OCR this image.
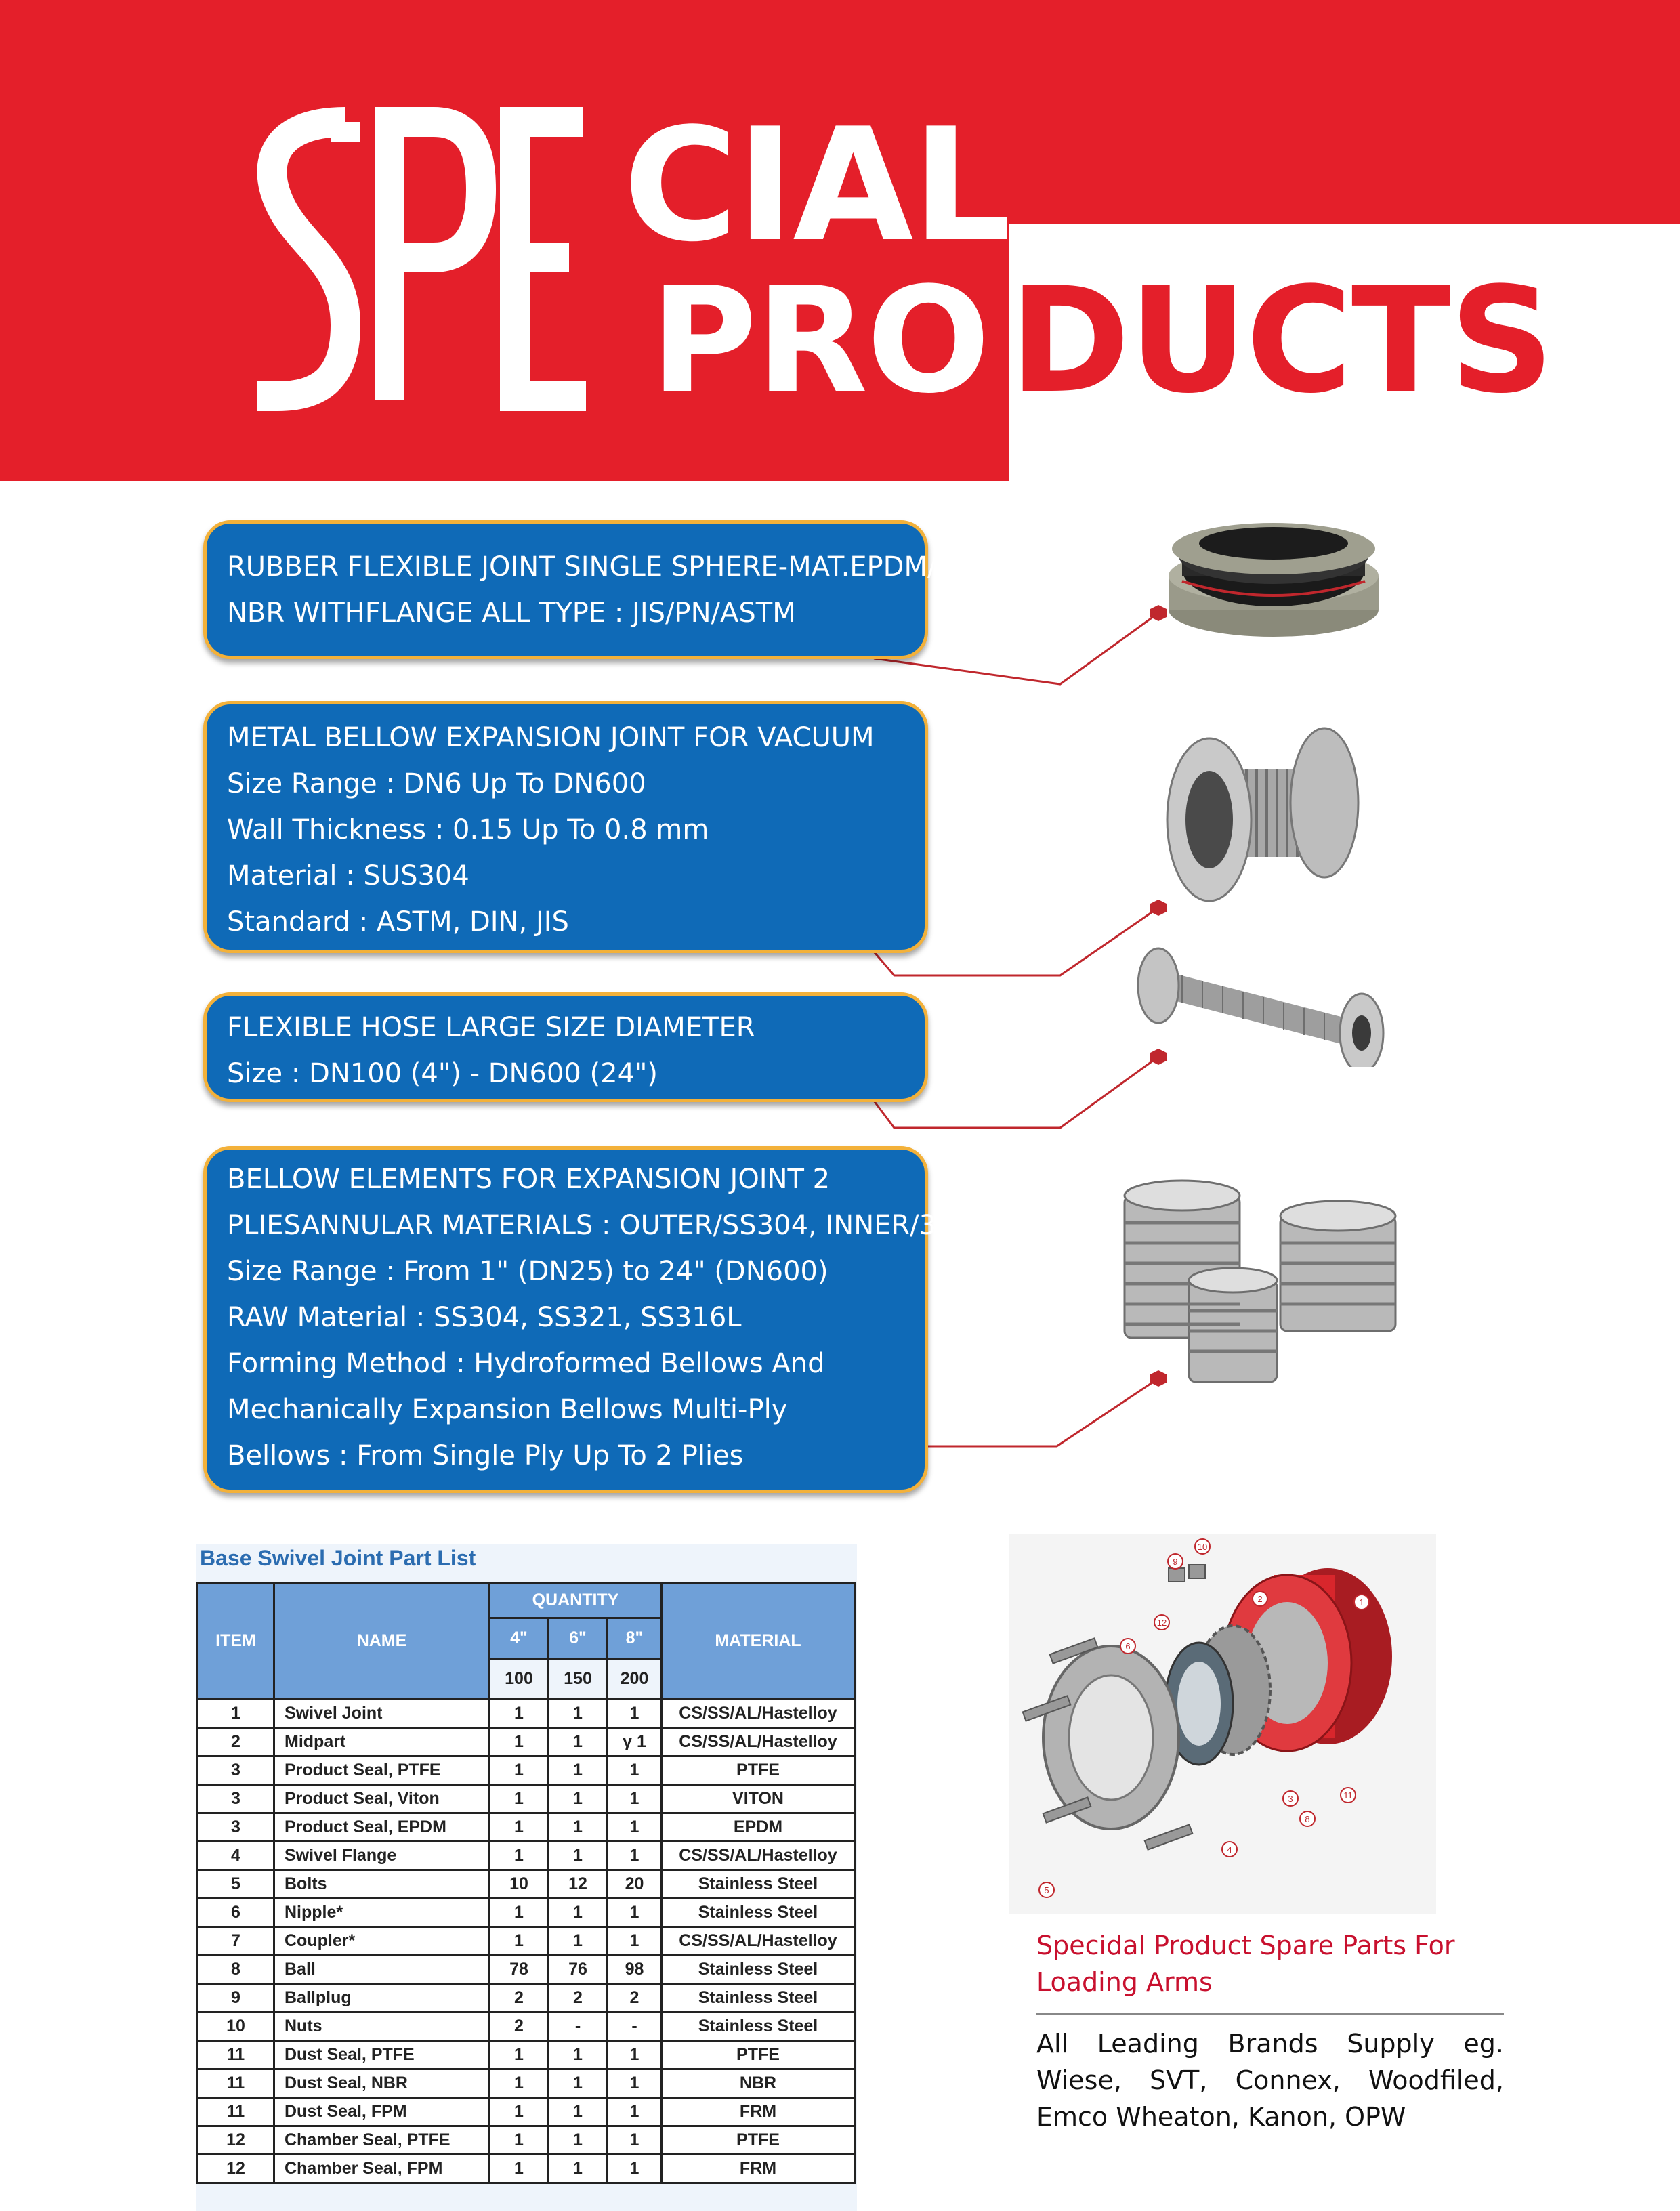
CIAL
PRO DUCTS
RUBBER FLEXIBLE JOINT SINGLE SPHERE-MAT.EPDM/
NBR WITHFLANGE ALL TYPE : JIS/PN/ASTM
METAL BELLOW EXPANSION JOINT FOR VACUUM
Size Range : DN6 Up To DN600
Wall Thickness : 0.15 Up To 0.8 mm
Material : SUS304
Standard : ASTM, DIN, JIS
FLEXIBLE HOSE LARGE SIZE DIAMETER
Size : DN100 (4") - DN600 (24")
BELLOW ELEMENTS FOR EXPANSION JOINT 2
PLIESANNULAR MATERIALS : OUTER/SS304, INNER/321
Size Range : From 1" (DN25) to 24" (DN600)
RAW Material : SS304, SS321, SS316L
Forming Method : Hydroformed Bellows And
Mechanically Expansion Bellows Multi-Ply
Bellows : From Single Ply Up To 2 Plies
Base Swivel Joint Part List
ITEM	NAME	QUANTITY			MATERIAL
		4"	6"	8"	
		100	150	200	
1	Swivel Joint	1	1	1	CS/SS/AL/Hastelloy
2	Midpart	1	1	γ 1	CS/SS/AL/Hastelloy
3	Product Seal, PTFE	1	1	1	PTFE
3	Product Seal, Viton	1	1	1	VITON
3	Product Seal, EPDM	1	1	1	EPDM
4	Swivel Flange	1	1	1	CS/SS/AL/Hastelloy
5	Bolts	10	12	20	Stainless Steel
6	Nipple*	1	1	1	Stainless Steel
7	Coupler*	1	1	1	CS/SS/AL/Hastelloy
8	Ball	78	76	98	Stainless Steel
9	Ballplug	2	2	2	Stainless Steel
10	Nuts	2	-	-	Stainless Steel
11	Dust Seal, PTFE	1	1	1	PTFE
11	Dust Seal, NBR	1	1	1	NBR
11	Dust Seal, FPM	1	1	1	FRM
12	Chamber Seal, PTFE	1	1	1	PTFE
12	Chamber Seal, FPM	1	1	1	FRM
1
2
3
4
5
6
8
9
10
11
12
Specidal Product Spare Parts For Loading Arms
All Leading Brands Supply eg. Wiese, SVT, Connex, Woodfiled, Emco Wheaton, Kanon, OPW
